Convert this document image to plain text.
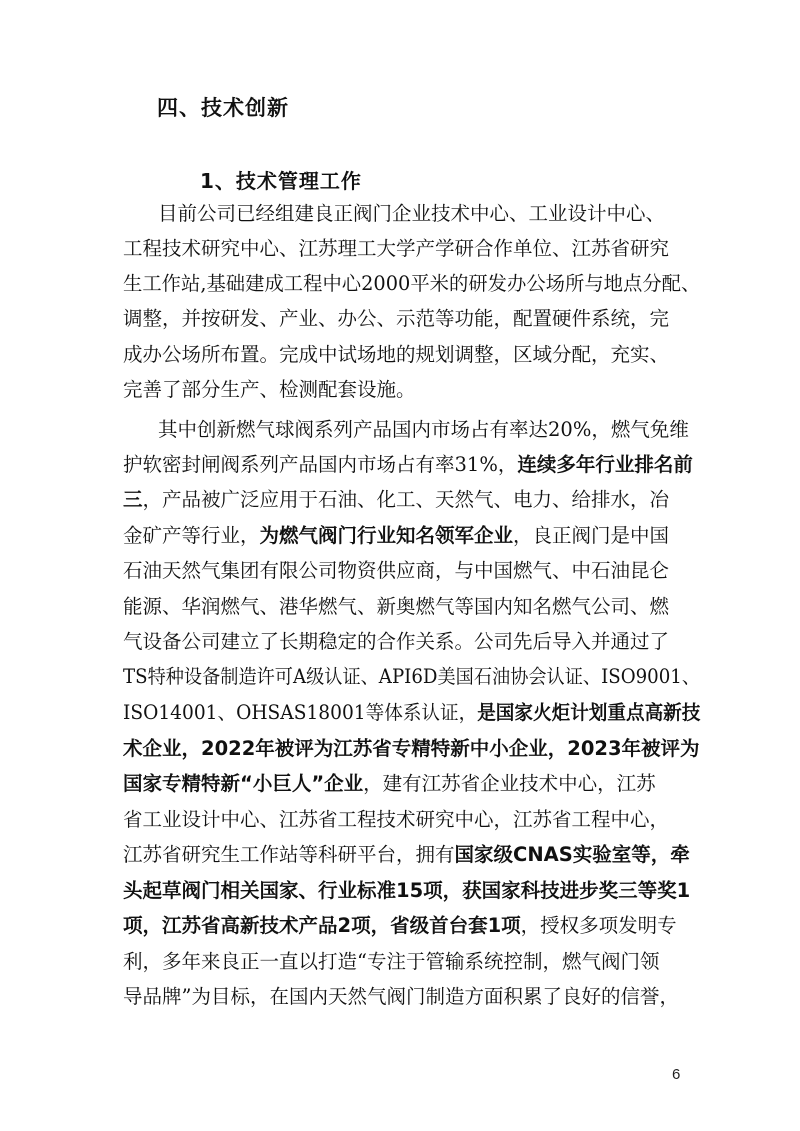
四、技术创新
1、技术管理工作
目前公司已经组建良正阀门企业技术中心、工业设计中心、
工程技术研究中心、江苏理工大学产学研合作单位、江苏省研究
生工作站,基础建成工程中心2000平米的研发办公场所与地点分配、
调整，并按研发、产业、办公、示范等功能，配置硬件系统，完
成办公场所布置。完成中试场地的规划调整，区域分配，充实、
完善了部分生产、检测配套设施。
其中创新燃气球阀系列产品国内市场占有率达20%，燃气免维
护软密封闸阀系列产品国内市场占有率31%，连续多年行业排名前
三，产品被广泛应用于石油、化工、天然气、电力、给排水，冶
金矿产等行业，为燃气阀门行业知名领军企业，良正阀门是中国
石油天然气集团有限公司物资供应商，与中国燃气、中石油昆仑
能源、华润燃气、港华燃气、新奥燃气等国内知名燃气公司、燃
气设备公司建立了长期稳定的合作关系。公司先后导入并通过了
TS特种设备制造许可A级认证、API6D美国石油协会认证、ISO9001、
ISO14001、OHSAS18001等体系认证，是国家火炬计划重点高新技
术企业，2022年被评为江苏省专精特新中小企业，2023年被评为
国家专精特新“小巨人”企业，建有江苏省企业技术中心，江苏
省工业设计中心、江苏省工程技术研究中心，江苏省工程中心，
江苏省研究生工作站等科研平台，拥有国家级CNAS实验室等，牵
头起草阀门相关国家、行业标准15项，获国家科技进步奖三等奖1
项，江苏省高新技术产品2项，省级首台套1项，授权多项发明专
利，多年来良正一直以打造“专注于管输系统控制，燃气阀门领
导品牌”为目标，在国内天然气阀门制造方面积累了良好的信誉，
6
